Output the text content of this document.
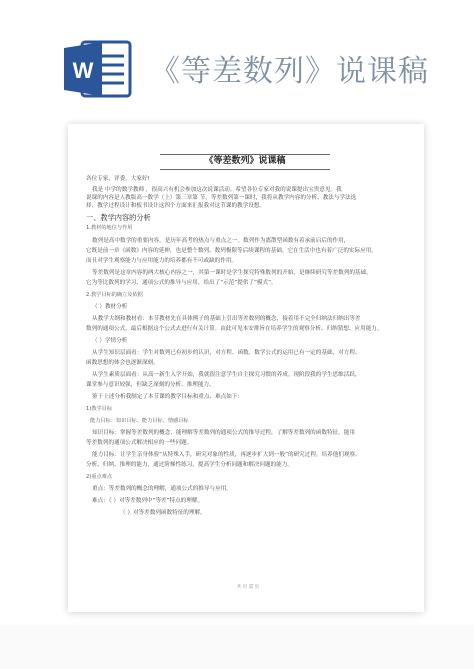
W 《等差数列》说课稿
《等差数列》说课稿
各位专家，评委，大家好!
我是 中学的数学教师 ，很高兴有机会参加这次说课活动。希望各位专家对我的说课提出宝贵意见。我
说课的内容是人教版高一数学（上）第三章第 节，等差数列第一课时，我将从教学内容的分析、教法与学法选
择、教学过程设计和板书设计这四个方面来汇报我对这节课的教学设想。
一、教学内容的分析
1.教材的地位与作用
数列是高中数学的重要内容，是历年高考的热点与重点之一。数列作为离散型函数有着承前启后的作用，
它既是前一章《函数》内容的延伸，也是整个数列、数列极限等后续课程的基础。它在生活中也有着广泛的实际应用，
而且对学生观察能力与应用能力的培养都有不可或缺的作用。
等差数列是这章内容的两大核心内容之一，其第一课时是学生探究特殊数列的开始，是继续研究等差数列的基础，
它为等比数列的学习、通项公式的推导与应用，给出了“示范”提供了“模式”。
2.教学目标的确立及依据
（ ）教材分析
从教学大纲和教材看：本节教材先在具体例子的基础上引出等差数列的概念，接着用不完全归纳法归纳出等差
数列的通项公式，最后根据这个公式去进行有关计算。由此可见本安排旨在培养学生的观察分析、归纳猜想、应用能力。
（ ）学情分析
从学生知识层面看：学生对数列已有初步的认识，对方程、函数、数学公式的运用已有一定的基础，对方程、
函数思想的体会也逐渐深刻。
从学生素质层面看：从高一新生入学开始，我就很注意学生自主探究习惯的养成。现阶段我的学生思维活跃，
课堂参与意识较强，但缺乏深刻的分析、推理能力。
鉴于上述分析我制定了本节课的教学目标和重点、难点如下：
1)教学目标
能力目标：知识目标、能力目标、情感目标
知识目标：掌握等差数列的概念，能理解等差数列的通项公式的推导过程，了解等差数列的函数特征，能用
等差数列的通项公式解决相应的一些问题。
能力目标：让学生亲身体验“从特殊入手，研究对象的性质，再逐步扩大到一般”的研究过程，培养他们观察、
分析、归纳、推理的能力，通过阶梯性练习，提高学生分析问题和解决问题的能力。
2)重点难点
重点：等差数列的概念的理解，通项公式的推导与应用。
难点：（ ）对等差数列中“等差”特点的理解。
（ ）对等差数列函数特征的理解。
共 页 第 页
